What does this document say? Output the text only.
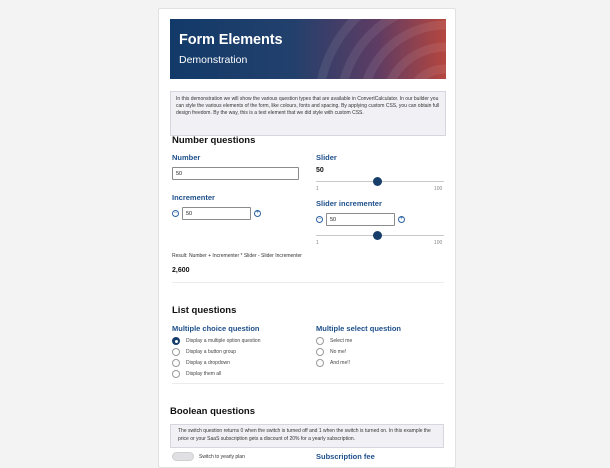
Form Elements
Demonstration
In this demonstration we will show the various question types that are available in ConvertCalculator. In our builder you can style the various elements of the form, like colours, fonts and spacing. By applying custom CSS, you can obtain full design freedom. By the way, this is a text element that we did style with custom CSS.
Number questions
Number
50
Slider
50
1	100
Incrementer
−	50	+
Slider incrementer
−	50	+
1	100
Result: Number + Incrementer * Slider - Slider Incrementer
2,600
List questions
Multiple choice question
Display a multiple option question
Display a button group
Display a dropdown
Display them all
Multiple select question
Select me
No me!
And me!!
Boolean questions
The switch question returns 0 when the switch is turned off and 1 when the switch is turned on. In this example the price or your SaaS subscription gets a discount of 20% for a yearly subscription.
Switch to yearly plan	Subscription fee
